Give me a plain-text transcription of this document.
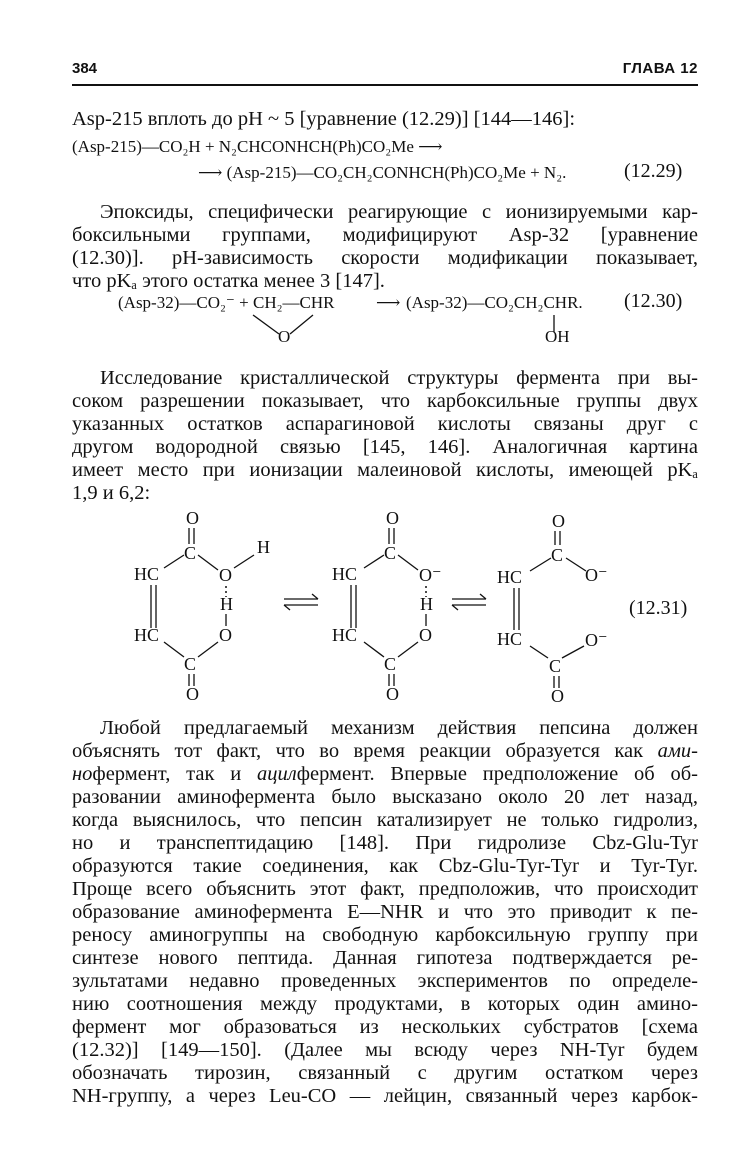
384	ГЛАВА 12
Asp-215 вплоть до pH ~ 5 [уравнение (12.29)] [144—146]:
(Asp-215)—CO₂H + N₂CHCONHCH(Ph)CO₂Me ⟶
⟶ (Asp-215)—CO₂CH₂CONHCH(Ph)CO₂Me + N₂.	(12.29)
Эпоксиды, специфически реагирующие с ионизируемыми кар-
боксильными группами, модифицируют Asp-32 [уравнение
(12.30)]. pH-зависимость скорости модификации показывает,
что pKₐ этого остатка менее 3 [147].
(Asp-32)—CO₂⁻ + CH₂—CHR ⟶ (Asp-32)—CO₂CH₂CHR. (12.30)
O	OH
Исследование кристаллической структуры фермента при вы-
соком разрешении показывает, что карбоксильные группы двух
указанных остатков аспарагиновой кислоты связаны друг с
другом водородной связью [145, 146]. Аналогичная картина
имеет место при ионизации малеиновой кислоты, имеющей pKₐ
1,9 и 6,2:
O
C
HC	O
H
H
HC	O
C
O
O
C
HC	O⁻
H
HC	O
C
O
O
C
HC	O⁻
HC	O⁻
C
O
(12.31)
Любой предлагаемый механизм действия пепсина должен
объяснять тот факт, что во время реакции образуется как ами-
нофермент, так и ацилфермент. Впервые предположение об об-
разовании аминофермента было высказано около 20 лет назад,
когда выяснилось, что пепсин катализирует не только гидролиз,
но и транспептидацию [148]. При гидролизе Cbz-Glu-Tyr
образуются такие соединения, как Cbz-Glu-Tyr-Tyr и Tyr-Tyr.
Проще всего объяснить этот факт, предположив, что происходит
образование аминофермента E—NHR и что это приводит к пе-
реносу аминогруппы на свободную карбоксильную группу при
синтезе нового пептида. Данная гипотеза подтверждается ре-
зультатами недавно проведенных экспериментов по определе-
нию соотношения между продуктами, в которых один амино-
фермент мог образоваться из нескольких субстратов [схема
(12.32)] [149—150]. (Далее мы всюду через NH-Tyr будем
обозначать тирозин, связанный с другим остатком через
NH-группу, а через Leu-CO — лейцин, связанный через карбок-
